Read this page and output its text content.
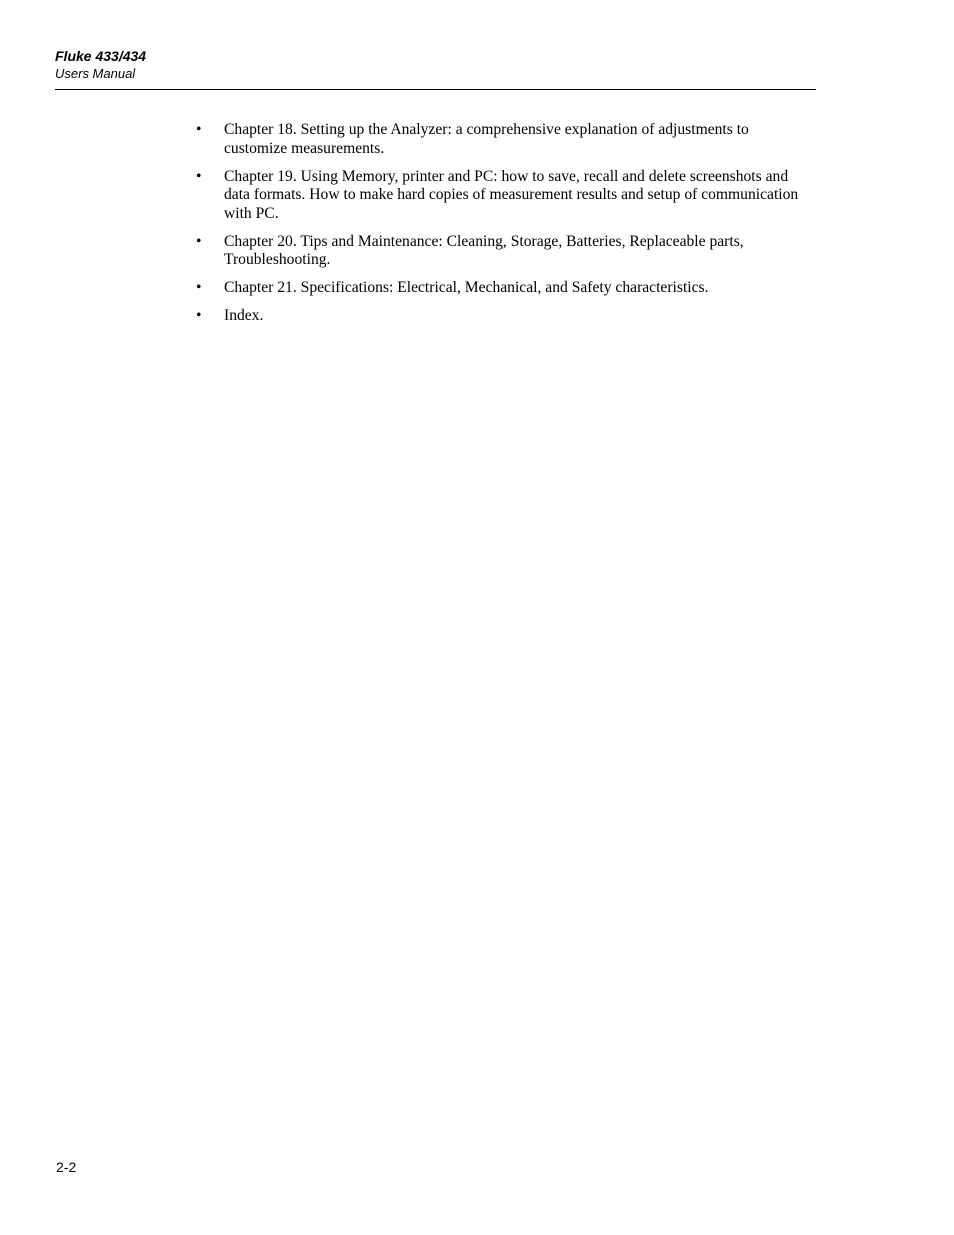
Fluke 433/434

Users Manual

•	Chapter 18. Setting up the Analyzer: a comprehensive explanation of adjustments to customize measurements.
•	Chapter 19. Using Memory, printer and PC: how to save, recall and delete screenshots and data formats. How to make hard copies of measurement results and setup of communication with PC.
•	Chapter 20. Tips and Maintenance: Cleaning, Storage, Batteries, Replaceable parts, Troubleshooting.
•	Chapter 21. Specifications: Electrical, Mechanical, and Safety characteristics.
•	Index.
2-2
